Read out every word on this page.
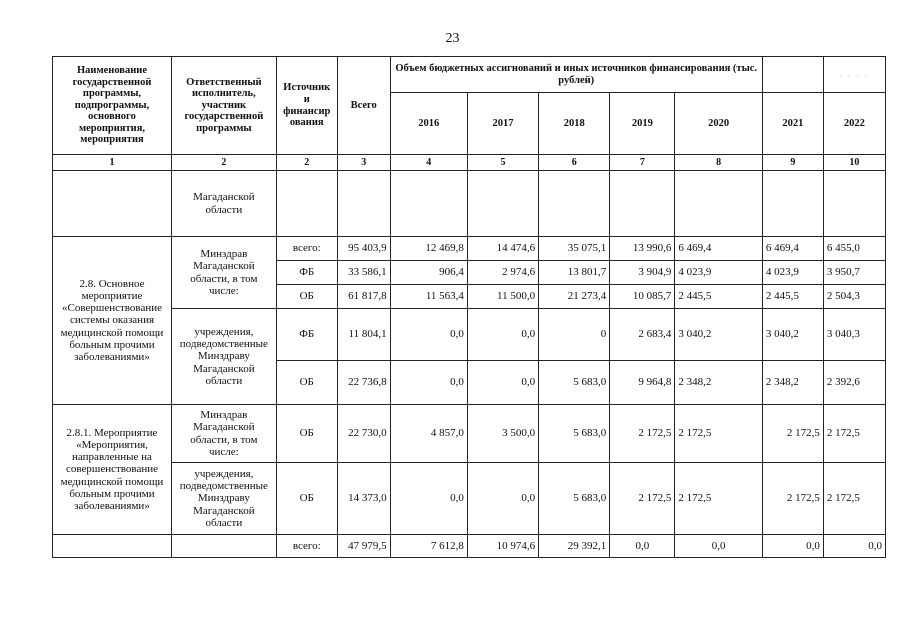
23
Наименование государственной программы, подпрограммы, основного мероприятия, мероприятия	Ответственный исполнитель, участник государственной программы	Источник и финансир ования	Всего	Объем бюджетных ассигнований и иных источников финансирования (тыс. рублей)						. . . .
				2016	2017	2018	2019	2020	2021	2022
1	2	2	3	4	5	6	7	8	9	10
	Магаданской области									
2.8. Основное мероприятие «Совершенствование системы оказания медицинской помощи больным прочими заболеваниями»	Минздрав Магаданской области, в том числе:	всего:	95 403,9	12 469,8	14 474,6	35 075,1	13 990,6	6 469,4	6 469,4	6 455,0
		ФБ	33 586,1	906,4	2 974,6	13 801,7	3 904,9	4 023,9	4 023,9	3 950,7
		ОБ	61 817,8	11 563,4	11 500,0	21 273,4	10 085,7	2 445,5	2 445,5	2 504,3
	учреждения, подведомственные Минздраву Магаданской области	ФБ	11 804,1	0,0	0,0	0	2 683,4	3 040,2	3 040,2	3 040,3
		ОБ	22 736,8	0,0	0,0	5 683,0	9 964,8	2 348,2	2 348,2	2 392,6
2.8.1. Мероприятие «Мероприятия, направленные на совершенствование медицинской помощи больным прочими заболеваниями»	Минздрав Магаданской области, в том числе:	ОБ	22 730,0	4 857,0	3 500,0	5 683,0	2 172,5	2 172,5	2 172,5	2 172,5
	учреждения, подведомственные Минздраву Магаданской области	ОБ	14 373,0	0,0	0,0	5 683,0	2 172,5	2 172,5	2 172,5	2 172,5
		всего:	47 979,5	7 612,8	10 974,6	29 392,1	0,0	0,0	0,0	0,0
